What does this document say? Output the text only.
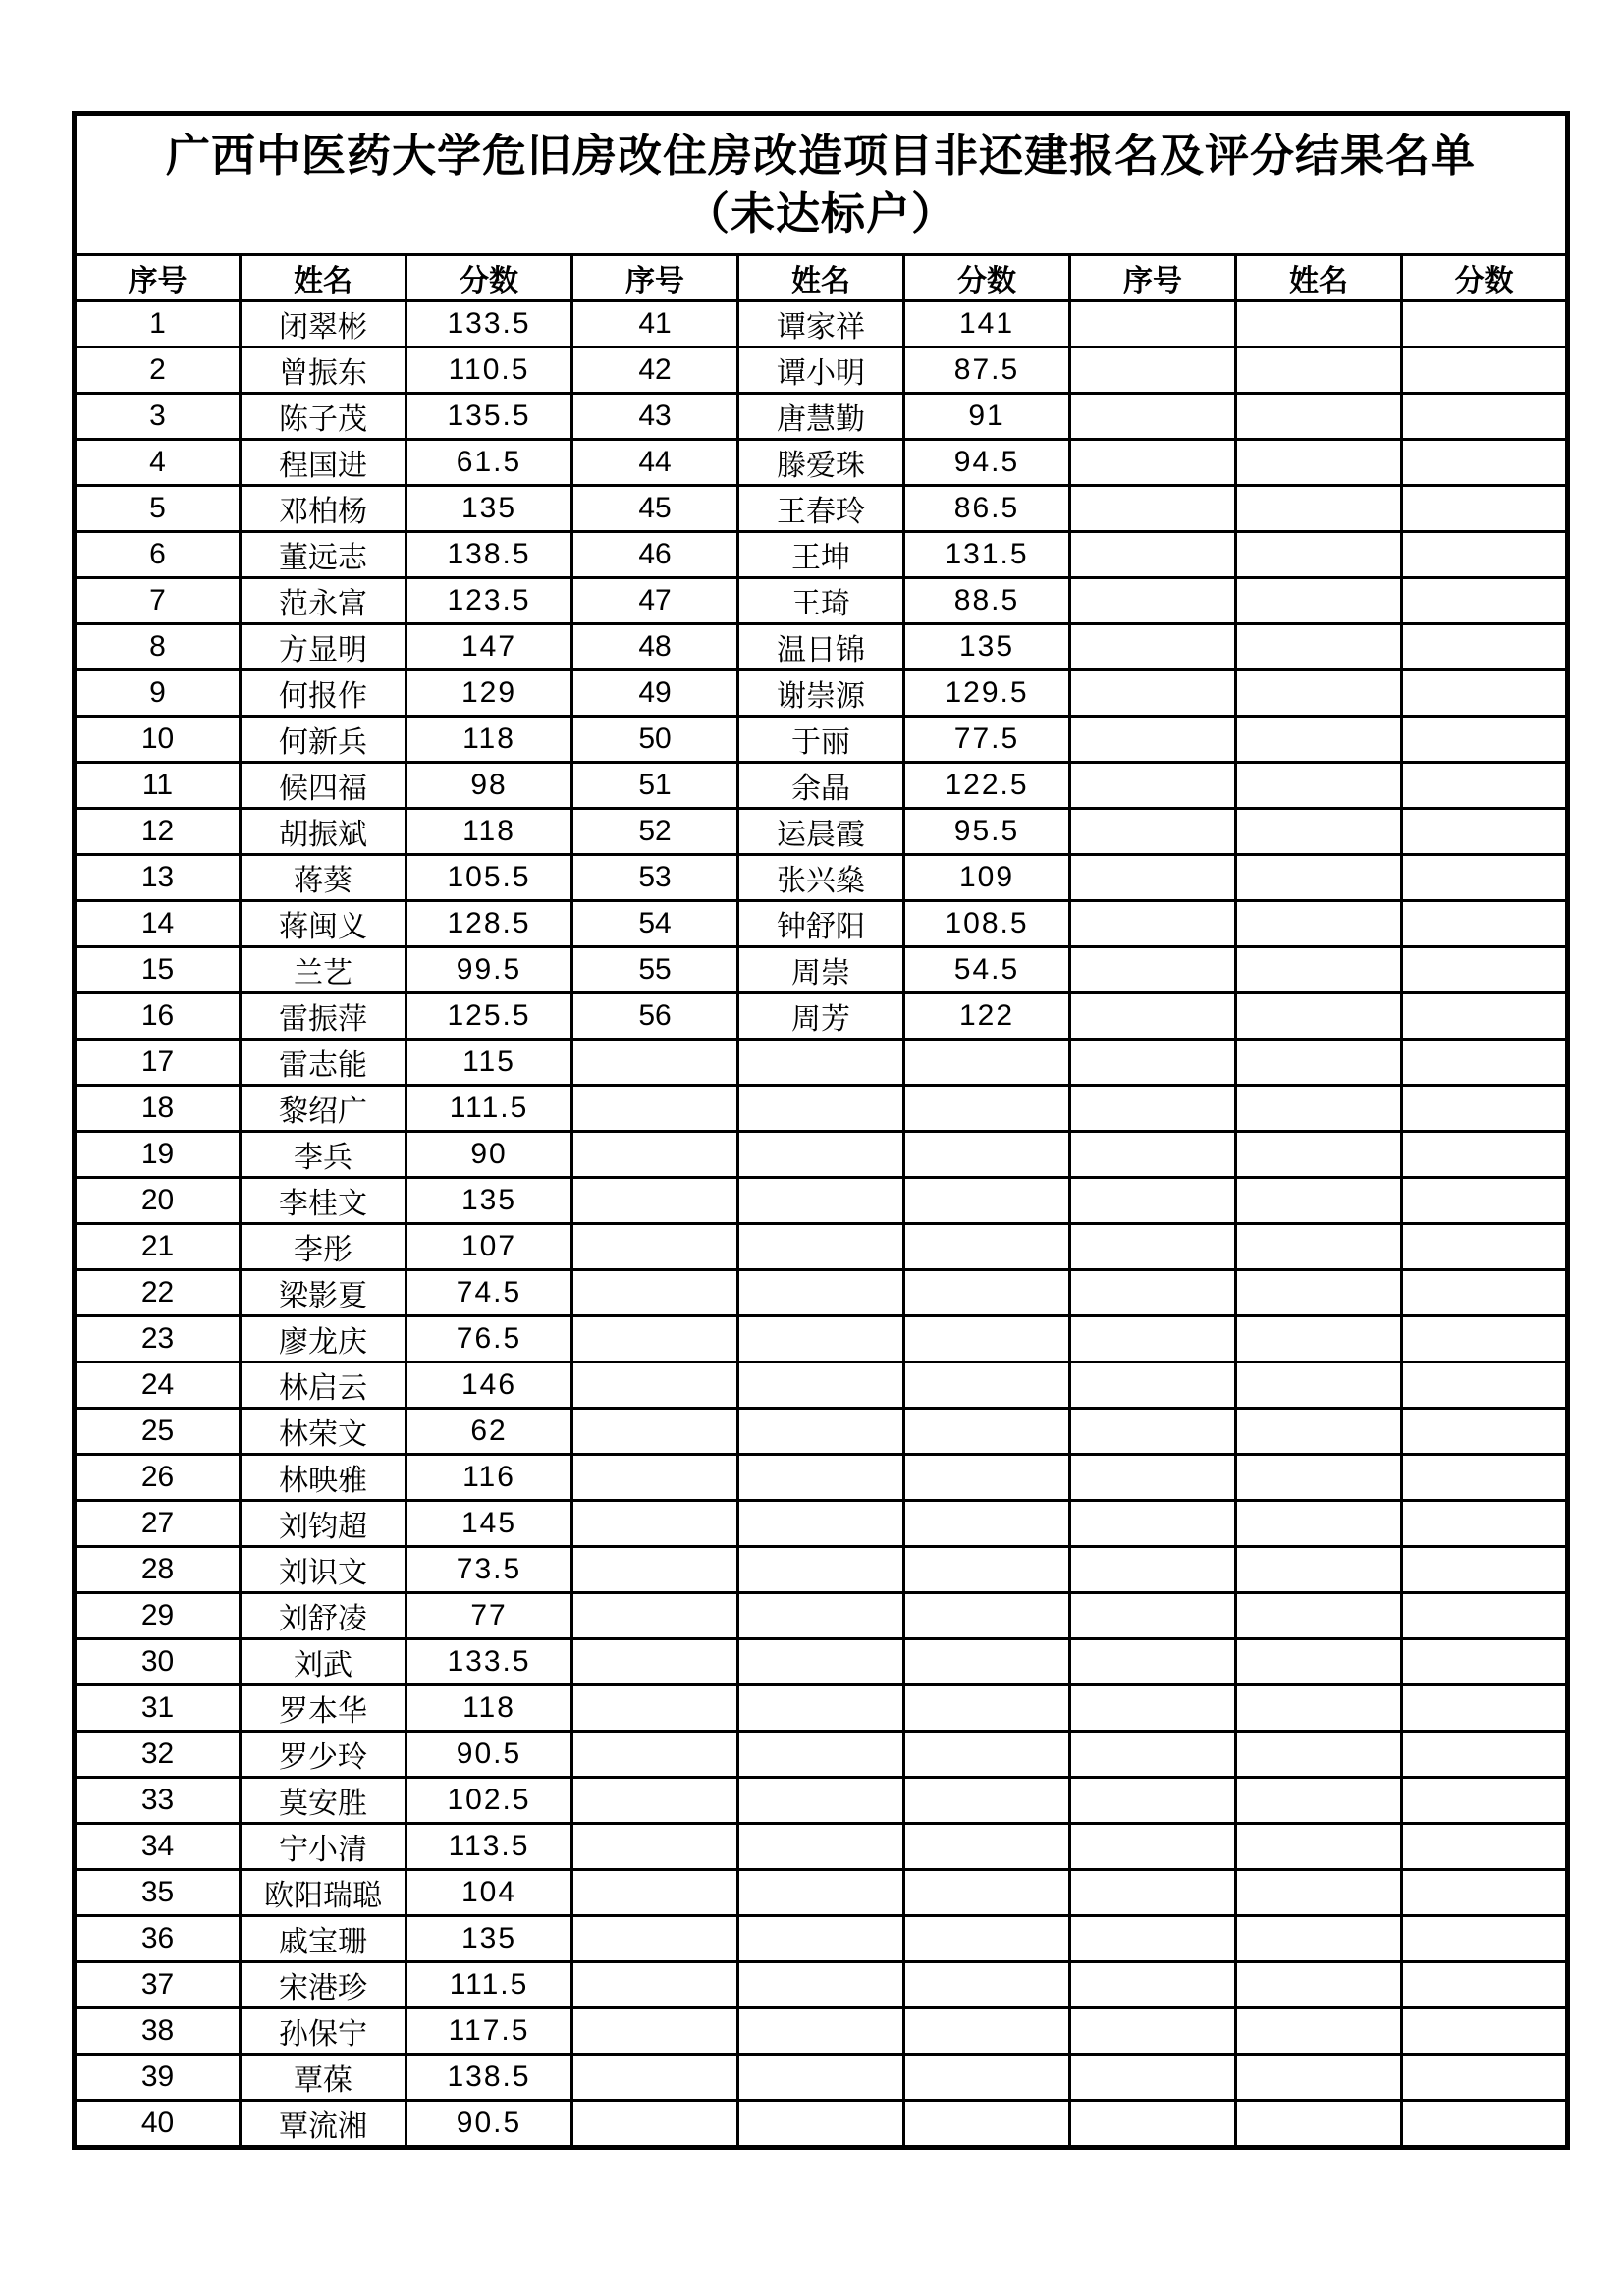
广西中医药大学危旧房改住房改造项目非还建报名及评分结果名单
（未达标户）								

序号	姓名	分数	序号	姓名	分数	序号	姓名	分数
1	闭翠彬	133.5	41	谭家祥	141			
2	曾振东	110.5	42	谭小明	87.5			
3	陈子茂	135.5	43	唐慧勤	91			
4	程国进	61.5	44	滕爱珠	94.5			
5	邓柏杨	135	45	王春玲	86.5			
6	董远志	138.5	46	王坤	131.5			
7	范永富	123.5	47	王琦	88.5			
8	方显明	147	48	温日锦	135			
9	何报作	129	49	谢崇源	129.5			
10	何新兵	118	50	于丽	77.5			
11	候四福	98	51	余晶	122.5			
12	胡振斌	118	52	运晨霞	95.5			
13	蒋葵	105.5	53	张兴燊	109			
14	蒋闽义	128.5	54	钟舒阳	108.5			
15	兰艺	99.5	55	周崇	54.5			
16	雷振萍	125.5	56	周芳	122			
17	雷志能	115						
18	黎绍广	111.5						
19	李兵	90						
20	李桂文	135						
21	李彤	107						
22	梁影夏	74.5						
23	廖龙庆	76.5						
24	林启云	146						
25	林荣文	62						
26	林映雅	116						
27	刘钧超	145						
28	刘识文	73.5						
29	刘舒凌	77						
30	刘武	133.5						
31	罗本华	118						
32	罗少玲	90.5						
33	莫安胜	102.5						
34	宁小清	113.5						
35	欧阳瑞聪	104						
36	戚宝珊	135						
37	宋港珍	111.5						
38	孙保宁	117.5						
39	覃葆	138.5						
40	覃流湘	90.5						
